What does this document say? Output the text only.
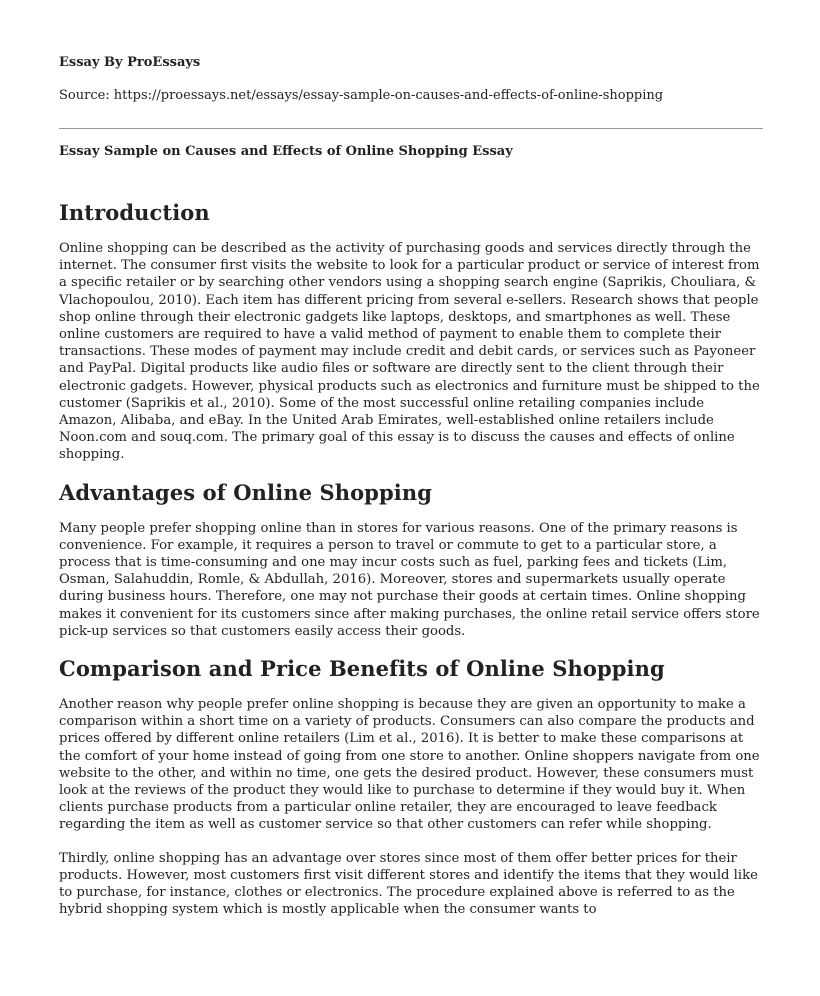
Essay By ProEssays
Source: https://proessays.net/essays/essay-sample-on-causes-and-effects-of-online-shopping
Essay Sample on Causes and Effects of Online Shopping Essay
Introduction

Online shopping can be described as the activity of purchasing goods and services directly through the internet. The consumer first visits the website to look for a particular product or service of interest from a specific retailer or by searching other vendors using a shopping search engine (Saprikis, Chouliara, & Vlachopoulou, 2010). Each item has different pricing from several e-sellers. Research shows that people shop online through their electronic gadgets like laptops, desktops, and smartphones as well. These online customers are required to have a valid method of payment to enable them to complete their transactions. These modes of payment may include credit and debit cards, or services such as Payoneer and PayPal. Digital products like audio files or software are directly sent to the client through their electronic gadgets. However, physical products such as electronics and furniture must be shipped to the customer (Saprikis et al., 2010). Some of the most successful online retailing companies include Amazon, Alibaba, and eBay. In the United Arab Emirates, well-established online retailers include Noon.com and souq.com. The primary goal of this essay is to discuss the causes and effects of online shopping.

Advantages of Online Shopping

Many people prefer shopping online than in stores for various reasons. One of the primary reasons is convenience. For example, it requires a person to travel or commute to get to a particular store, a process that is time-consuming and one may incur costs such as fuel, parking fees and tickets (Lim, Osman, Salahuddin, Romle, & Abdullah, 2016). Moreover, stores and supermarkets usually operate during business hours. Therefore, one may not purchase their goods at certain times. Online shopping makes it convenient for its customers since after making purchases, the online retail service offers store pick-up services so that customers easily access their goods.

Comparison and Price Benefits of Online Shopping

Another reason why people prefer online shopping is because they are given an opportunity to make a comparison within a short time on a variety of products. Consumers can also compare the products and prices offered by different online retailers (Lim et al., 2016). It is better to make these comparisons at the comfort of your home instead of going from one store to another. Online shoppers navigate from one website to the other, and within no time, one gets the desired product. However, these consumers must look at the reviews of the product they would like to purchase to determine if they would buy it. When clients purchase products from a particular online retailer, they are encouraged to leave feedback regarding the item as well as customer service so that other customers can refer while shopping.

Thirdly, online shopping has an advantage over stores since most of them offer better prices for their products. However, most customers first visit different stores and identify the items that they would like to purchase, for instance, clothes or electronics. The procedure explained above is referred to as the hybrid shopping system which is mostly applicable when the consumer wants to
